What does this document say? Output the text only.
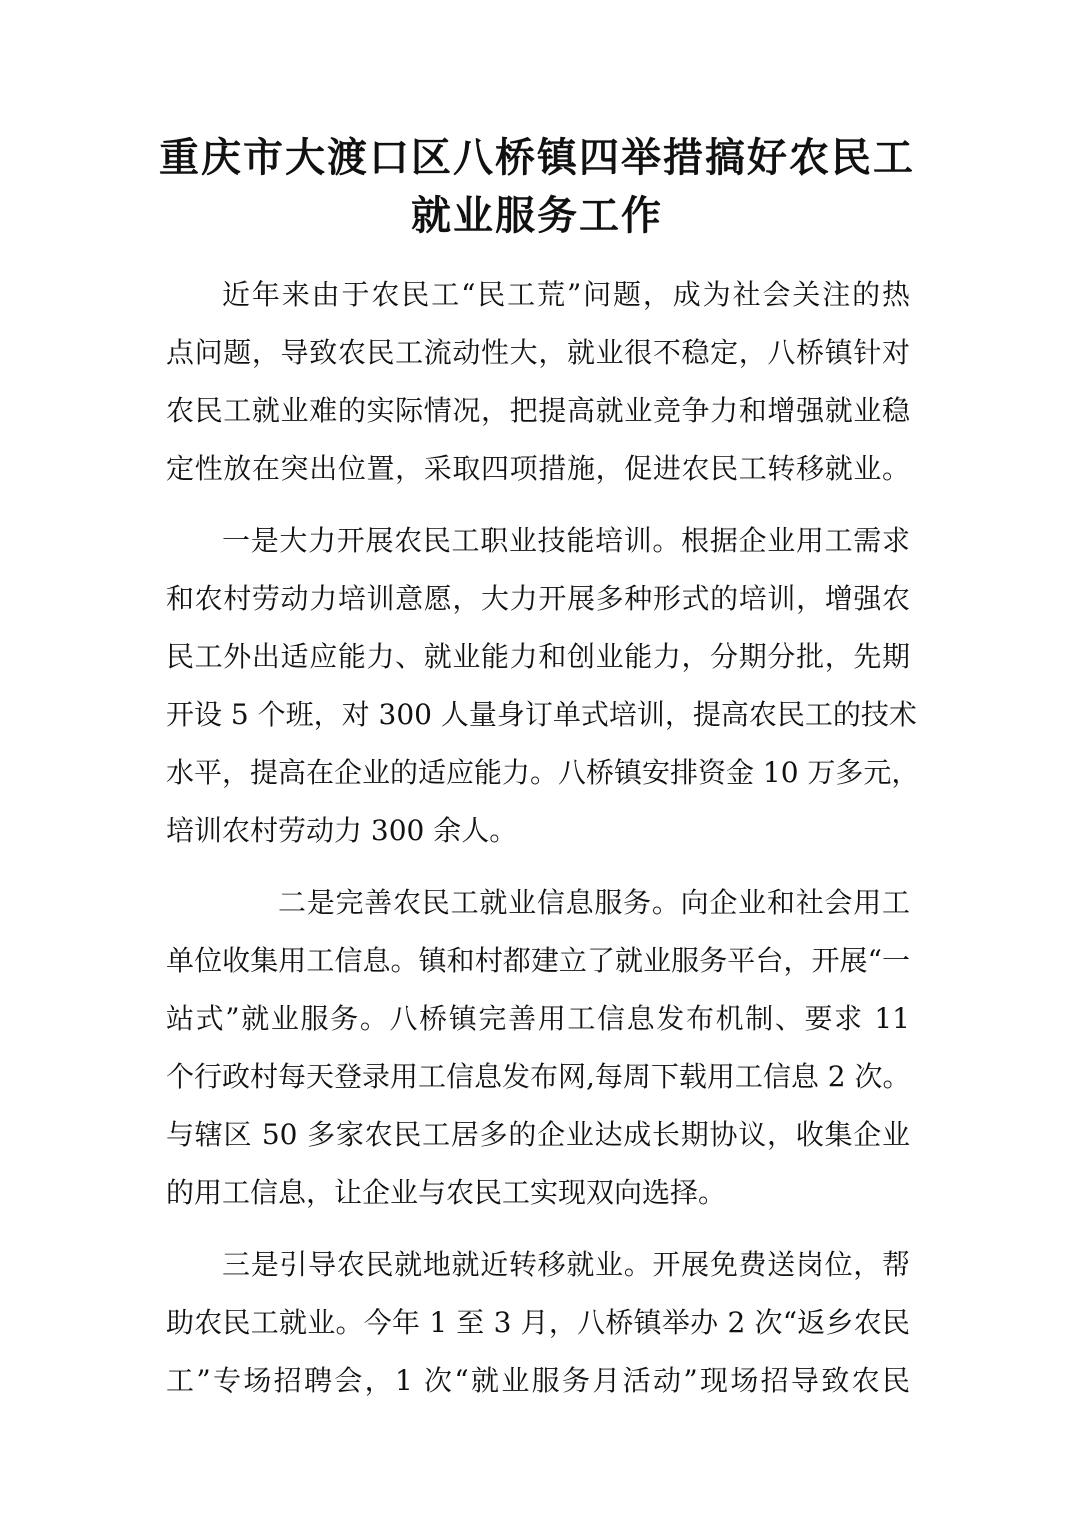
重庆市大渡口区八桥镇四举措搞好农民工
就业服务工作

近年来由于农民工“民工荒”问题，成为社会关注的热

点问题，导致农民工流动性大，就业很不稳定，八桥镇针对

农民工就业难的实际情况，把提高就业竞争力和增强就业稳

定性放在突出位置，采取四项措施，促进农民工转移就业。

一是大力开展农民工职业技能培训。根据企业用工需求

和农村劳动力培训意愿，大力开展多种形式的培训，增强农

民工外出适应能力、就业能力和创业能力，分期分批，先期

开设 5 个班，对 300 人量身订单式培训，提高农民工的技术

水平，提高在企业的适应能力。八桥镇安排资金 10 万多元，

培训农村劳动力 300 余人。

二是完善农民工就业信息服务。向企业和社会用工

单位收集用工信息。镇和村都建立了就业服务平台，开展“一

站式”就业服务。八桥镇完善用工信息发布机制、要求 11

个行政村每天登录用工信息发布网,每周下载用工信息 2 次。

与辖区 50 多家农民工居多的企业达成长期协议，收集企业

的用工信息，让企业与农民工实现双向选择。

三是引导农民就地就近转移就业。开展免费送岗位，帮

助农民工就业。今年 1 至 3 月，八桥镇举办 2 次“返乡农民

工”专场招聘会，1 次“就业服务月活动”现场招导致农民
